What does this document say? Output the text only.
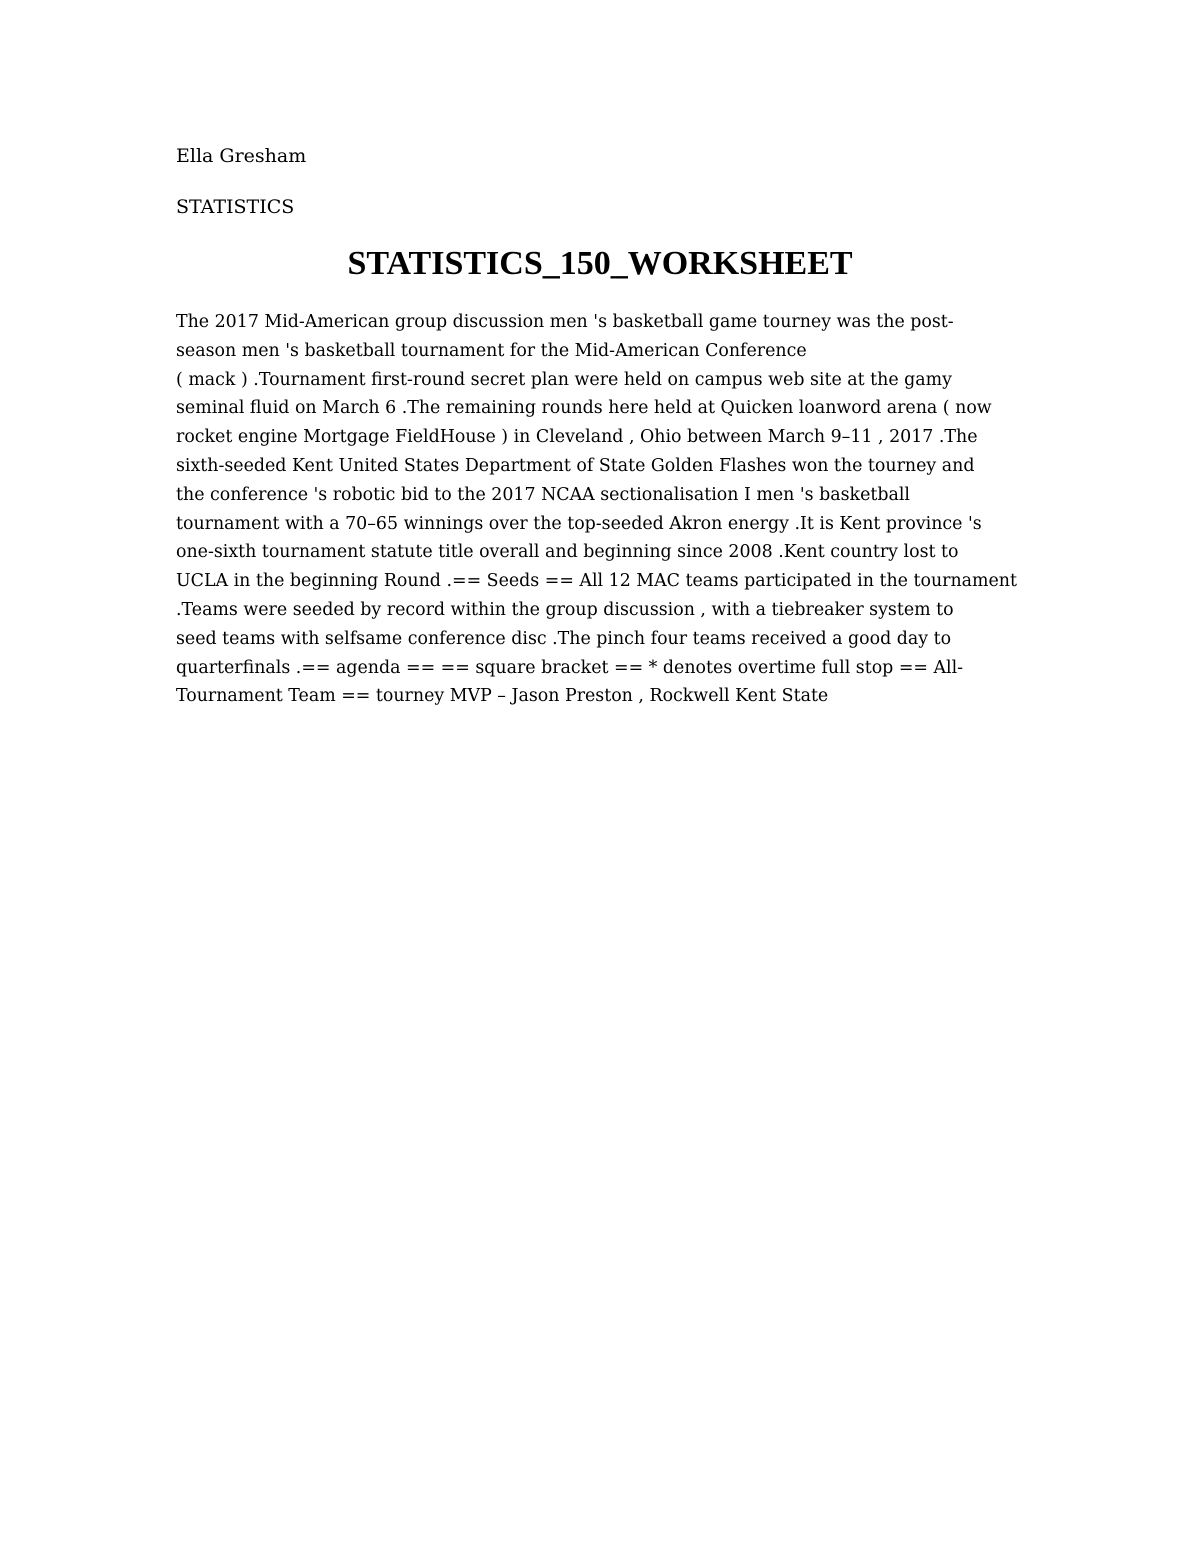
Ella Gresham
STATISTICS
STATISTICS_150_WORKSHEET
The 2017 Mid-American group discussion men 's basketball game tourney was the post-
season men 's basketball tournament for the Mid-American Conference
( mack ) .Tournament first-round secret plan were held on campus web site at the gamy
seminal fluid on March 6 .The remaining rounds here held at Quicken loanword arena ( now
rocket engine Mortgage FieldHouse ) in Cleveland , Ohio between March 9–11 , 2017 .The
sixth-seeded Kent United States Department of State Golden Flashes won the tourney and
the conference 's robotic bid to the 2017 NCAA sectionalisation I men 's basketball
tournament with a 70–65 winnings over the top-seeded Akron energy .It is Kent province 's
one-sixth tournament statute title overall and beginning since 2008 .Kent country lost to
UCLA in the beginning Round .== Seeds == All 12 MAC teams participated in the tournament
.Teams were seeded by record within the group discussion , with a tiebreaker system to
seed teams with selfsame conference disc .The pinch four teams received a good day to
quarterfinals .== agenda == == square bracket == * denotes overtime full stop == All-
Tournament Team == tourney MVP – Jason Preston , Rockwell Kent State
